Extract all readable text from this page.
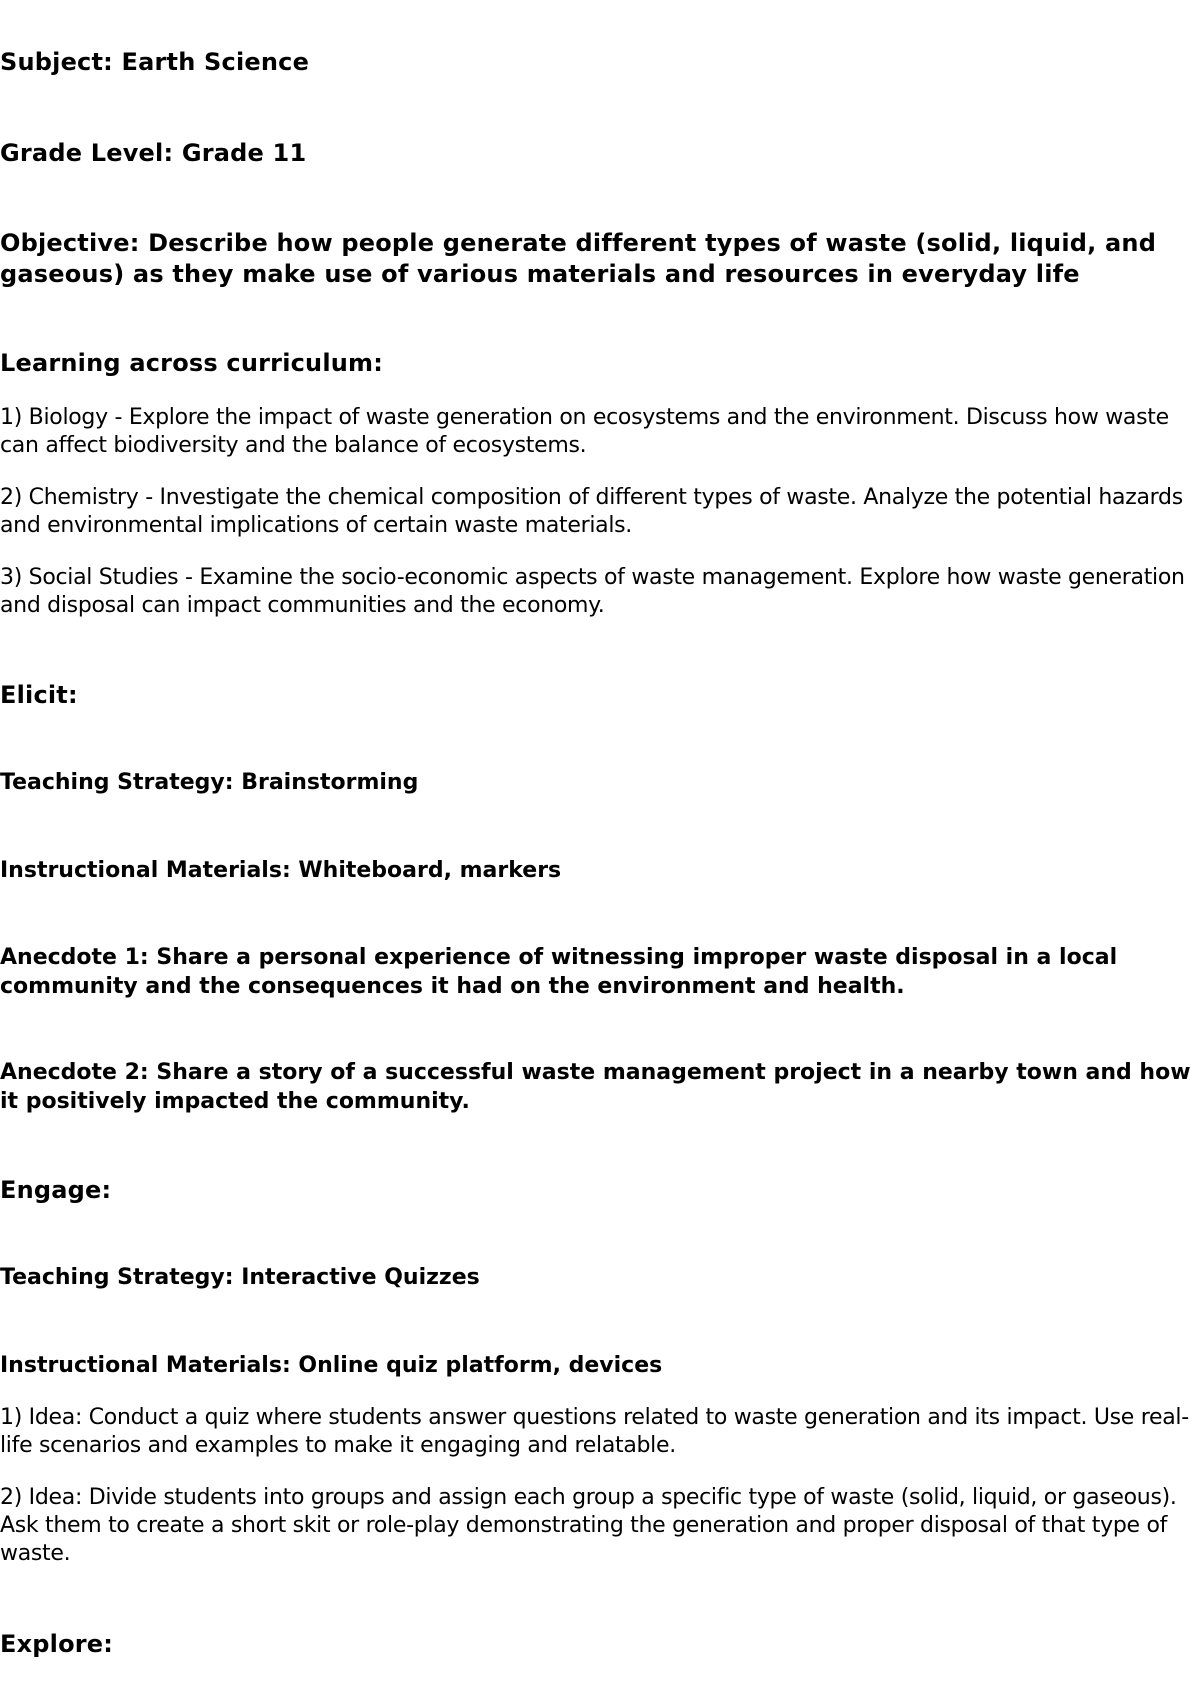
Subject: Earth Science

Grade Level: Grade 11

Objective: Describe how people generate different types of waste (solid, liquid, and gaseous) as they make use of various materials and resources in everyday life

Learning across curriculum:

1) Biology - Explore the impact of waste generation on ecosystems and the environment. Discuss how waste can affect biodiversity and the balance of ecosystems.

2) Chemistry - Investigate the chemical composition of different types of waste. Analyze the potential hazards and environmental implications of certain waste materials.

3) Social Studies - Examine the socio-economic aspects of waste management. Explore how waste generation and disposal can impact communities and the economy.

Elicit:

Teaching Strategy: Brainstorming

Instructional Materials: Whiteboard, markers

Anecdote 1: Share a personal experience of witnessing improper waste disposal in a local community and the consequences it had on the environment and health.

Anecdote 2: Share a story of a successful waste management project in a nearby town and how it positively impacted the community.

Engage:

Teaching Strategy: Interactive Quizzes

Instructional Materials: Online quiz platform, devices

1) Idea: Conduct a quiz where students answer questions related to waste generation and its impact. Use real-life scenarios and examples to make it engaging and relatable.

2) Idea: Divide students into groups and assign each group a specific type of waste (solid, liquid, or gaseous). Ask them to create a short skit or role-play demonstrating the generation and proper disposal of that type of waste.

Explore:
